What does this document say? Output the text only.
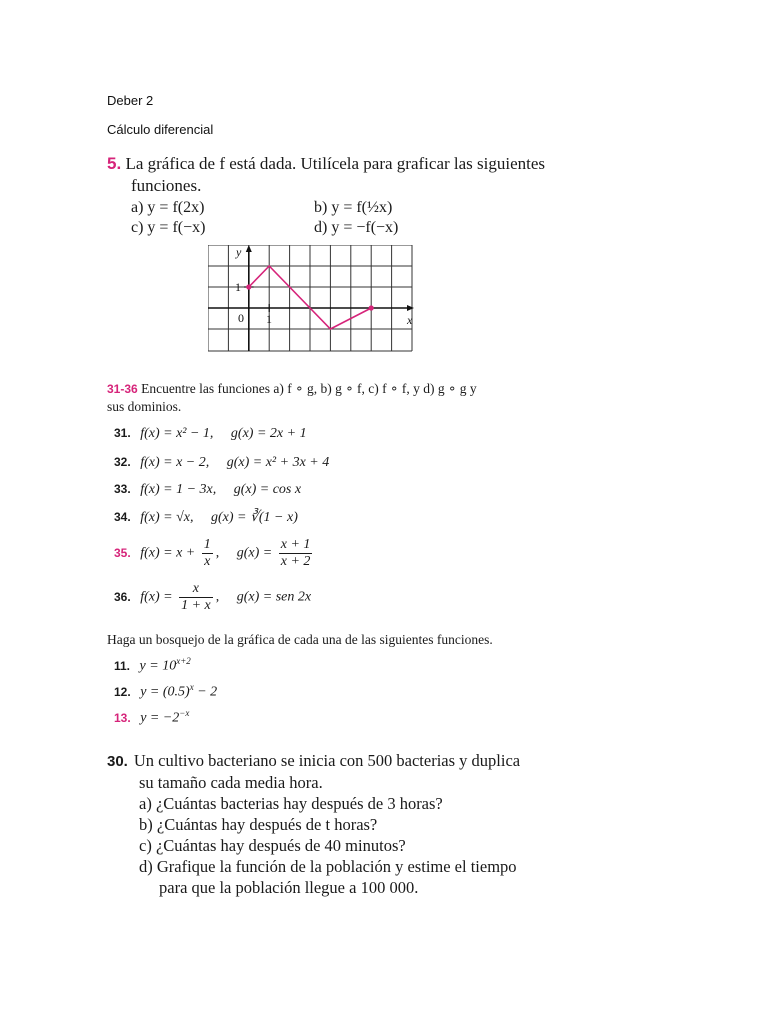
Deber 2
Cálculo diferencial
5. La gráfica de f está dada. Utilícela para graficar las siguientes
funciones.
a) y = f(2x)	b) y = f(½x)
c) y = f(−x)	d) y = −f(−x)
y
x
0 1
1
31-36 Encuentre las funciones a) f ∘ g, b) g ∘ f, c) f ∘ f, y d) g ∘ g y
sus dominios.
31. f(x) = x² − 1, g(x) = 2x + 1
32. f(x) = x − 2, g(x) = x² + 3x + 4
33. f(x) = 1 − 3x, g(x) = cos x
34. f(x) = √x, g(x) = ∛(1 − x)
35. $f(x) = x + \frac{1}{x}$ , $g(x) = \frac{x + 1}{x + 2}$
36. $f(x) = \frac{x}{1 + x}$ , g(x) = sen 2x
Haga un bosquejo de la gráfica de cada una de las siguientes funciones.
11. $y = 10^{x+2}$
12. $y = (0.5)^x - 2$
13. $y = -2^{-x}$
30. Un cultivo bacteriano se inicia con 500 bacterias y duplica
su tamaño cada media hora.
a) ¿Cuántas bacterias hay después de 3 horas?
b) ¿Cuántas hay después de t horas?
c) ¿Cuántas hay después de 40 minutos?
d) Grafique la función de la población y estime el tiempo
para que la población llegue a 100 000.
